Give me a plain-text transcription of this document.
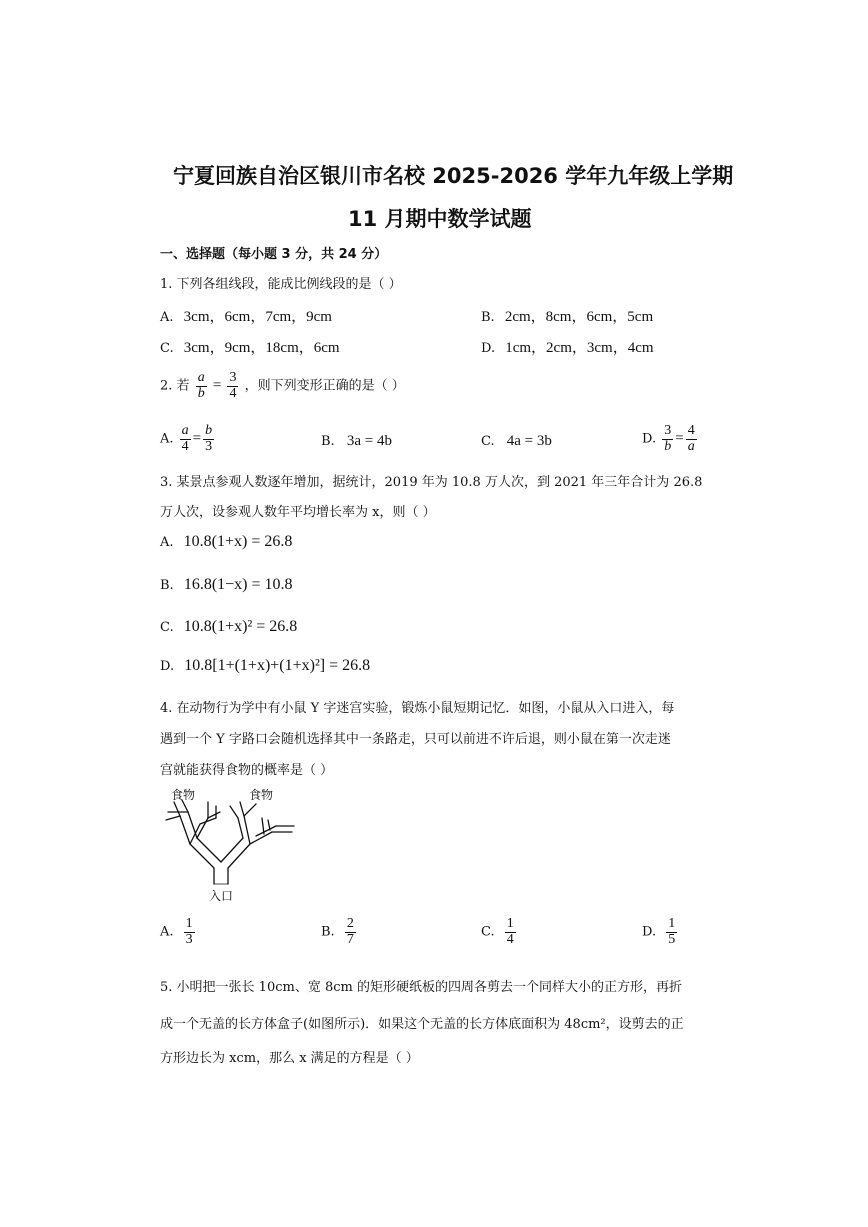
宁夏回族自治区银川市名校 2025-2026 学年九年级上学期
11 月期中数学试题
一、选择题（每小题 3 分，共 24 分）
1. 下列各组线段，能成比例线段的是（ ）
A. 3cm，6cm，7cm，9cm	B. 2cm，8cm，6cm，5cm
C. 3cm，9cm，18cm，6cm	D. 1cm，2cm，3cm，4cm
2. 若 $\frac{a}{b} = \frac{3}{4}$ ，则下列变形正确的是（ ）
A. $\frac{a}{4} = \frac{b}{3}$	B. 3a = 4b	C. 4a = 3b	D. $\frac{3}{b} = \frac{4}{a}$
3. 某景点参观人数逐年增加，据统计，2019 年为 10.8 万人次，到 2021 年三年合计为 26.8
万人次，设参观人数年平均增长率为 x，则（ ）
A. 10.8(1+x) = 26.8
B. 16.8(1−x) = 10.8
C. 10.8(1+x)² = 26.8
D. 10.8[1+(1+x)+(1+x)²] = 26.8
4. 在动物行为学中有小鼠 Y 字迷宫实验，锻炼小鼠短期记忆．如图，小鼠从入口进入，每
遇到一个 Y 字路口会随机选择其中一条路走，只可以前进不许后退，则小鼠在第一次走迷
宫就能获得食物的概率是（ ）
食物	食物
入口
A. $\frac{1}{3}$	B. $\frac{2}{7}$	C. $\frac{1}{4}$	D. $\frac{1}{5}$
5. 小明把一张长 10cm、宽 8cm 的矩形硬纸板的四周各剪去一个同样大小的正方形，再折
成一个无盖的长方体盒子(如图所示)．如果这个无盖的长方体底面积为 48cm²，设剪去的正
方形边长为 xcm，那么 x 满足的方程是（ ）
